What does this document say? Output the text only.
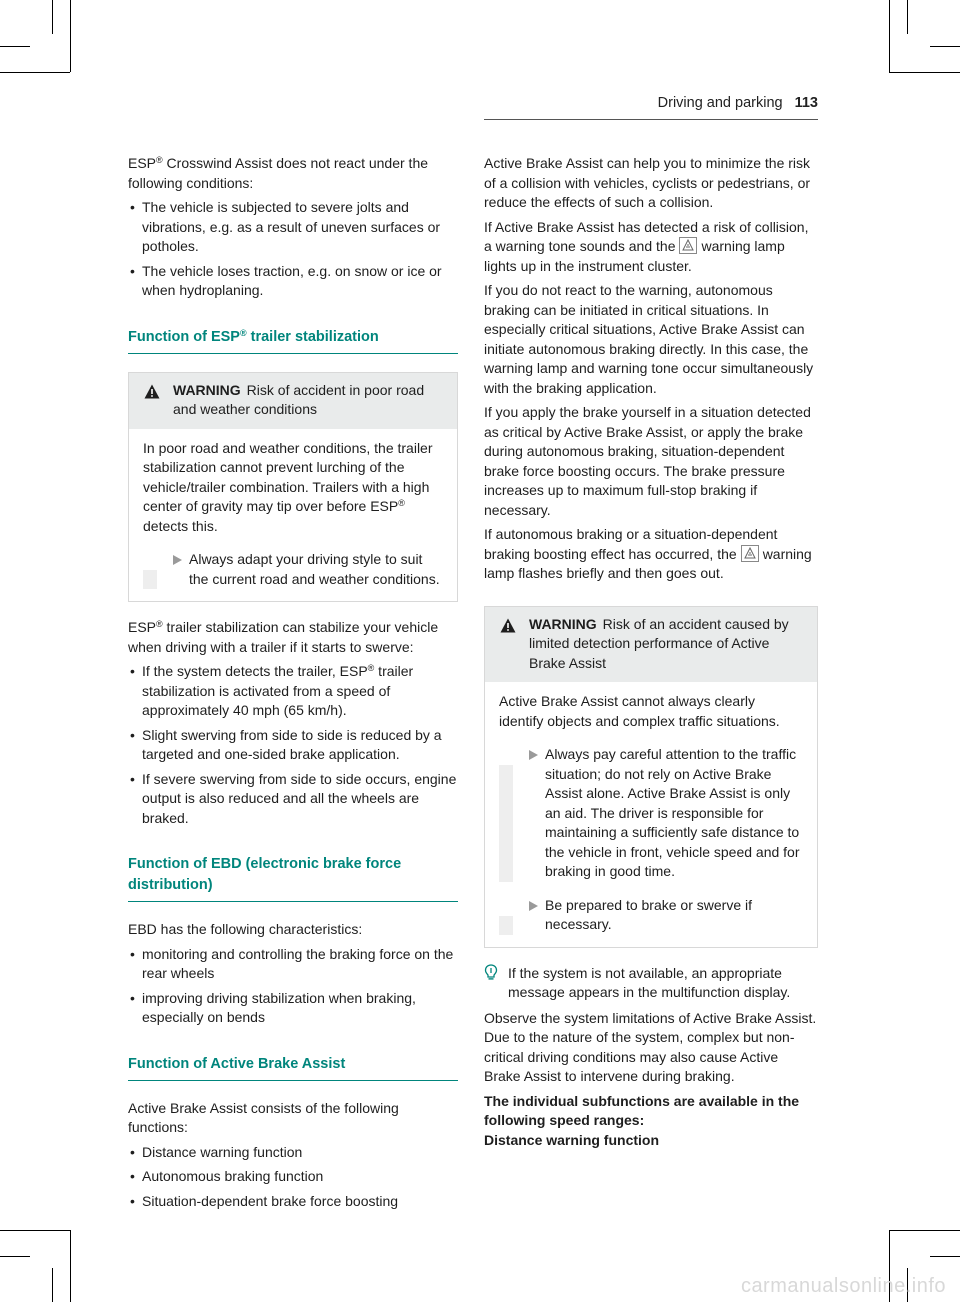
Driving and parking 113

ESP® Crosswind Assist does not react under the following conditions:

• The vehicle is subjected to severe jolts and vibrations, e.g. as a result of uneven surfaces or potholes.
• The vehicle loses traction, e.g. on snow or ice or when hydroplaning.
Function of ESP® trailer stabilization
WARNING Risk of accident in poor road and weather conditions

In poor road and weather conditions, the trailer stabilization cannot prevent lurching of the vehicle/trailer combination. Trailers with a high center of gravity may tip over before ESP® detects this.

Always adapt your driving style to suit the current road and weather conditions.

ESP® trailer stabilization can stabilize your vehicle when driving with a trailer if it starts to swerve:

• If the system detects the trailer, ESP® trailer stabilization is activated from a speed of approximately 40 mph (65 km/h).
• Slight swerving from side to side is reduced by a targeted and one-sided brake application.
• If severe swerving from side to side occurs, engine output is also reduced and all the wheels are braked.
Function of EBD (electronic brake force distribution)

EBD has the following characteristics:

• monitoring and controlling the braking force on the rear wheels
• improving driving stabilization when braking, especially on bends
Function of Active Brake Assist

Active Brake Assist consists of the following functions:

• Distance warning function
• Autonomous braking function
• Situation-dependent brake force boosting

Active Brake Assist can help you to minimize the risk of a collision with vehicles, cyclists or pedestrians, or reduce the effects of such a collision.

If Active Brake Assist has detected a risk of collision, a warning tone sounds and the warning lamp lights up in the instrument cluster.

If you do not react to the warning, autonomous braking can be initiated in critical situations. In especially critical situations, Active Brake Assist can initiate autonomous braking directly. In this case, the warning lamp and warning tone occur simultaneously with the braking application.

If you apply the brake yourself in a situation detected as critical by Active Brake Assist, or apply the brake during autonomous braking, situation-dependent brake force boosting occurs. The brake pressure increases up to maximum full-stop braking if necessary.

If autonomous braking or a situation-dependent braking boosting effect has occurred, the warning lamp flashes briefly and then goes out.

WARNING Risk of an accident caused by limited detection performance of Active Brake Assist

Active Brake Assist cannot always clearly identify objects and complex traffic situations.

Always pay careful attention to the traffic situation; do not rely on Active Brake Assist alone. Active Brake Assist is only an aid. The driver is responsible for maintaining a sufficiently safe distance to the vehicle in front, vehicle speed and for braking in good time.
Be prepared to brake or swerve if necessary.
If the system is not available, an appropriate message appears in the multifunction display.

Observe the system limitations of Active Brake Assist. Due to the nature of the system, complex but non-critical driving conditions may also cause Active Brake Assist to intervene during braking.

The individual subfunctions are available in the following speed ranges:

Distance warning function

carmanualsonline.info
